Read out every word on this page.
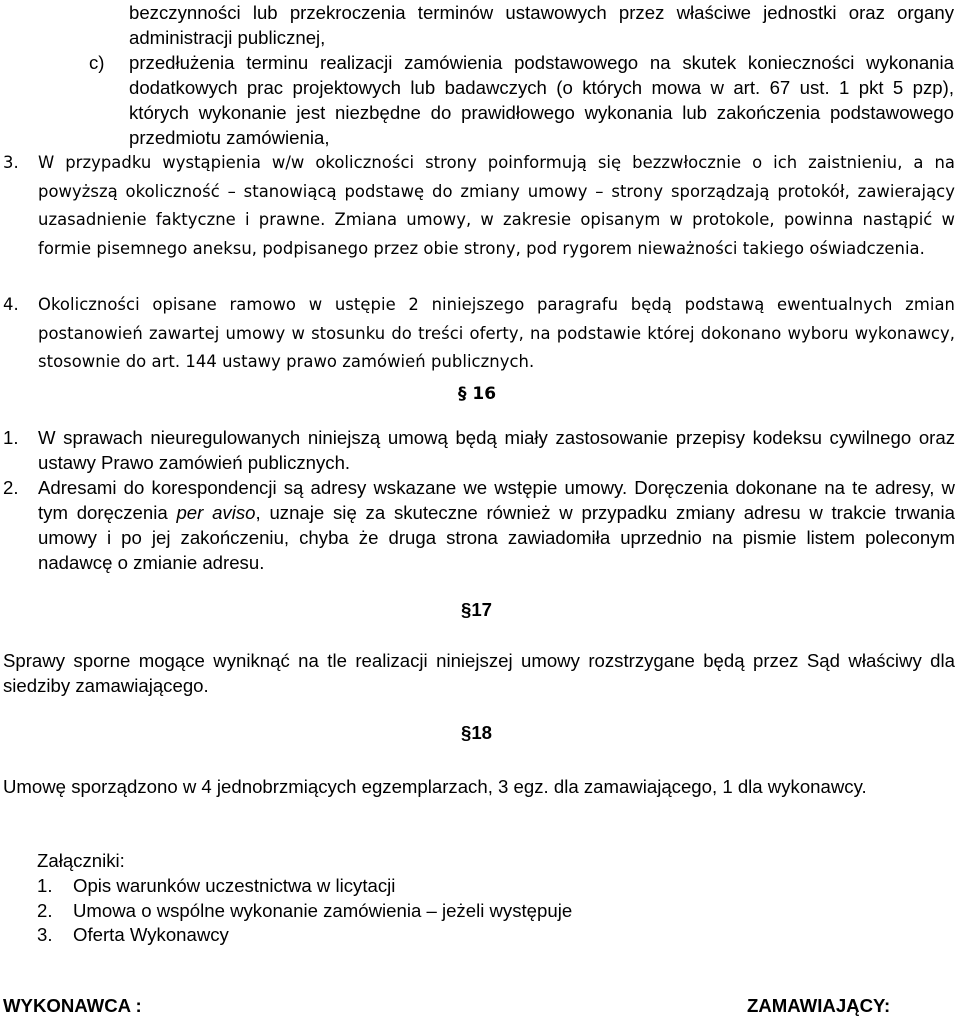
bezczynności lub przekroczenia terminów ustawowych przez właściwe jednostki oraz organy administracji publicznej,
c)	przedłużenia terminu realizacji zamówienia podstawowego na skutek konieczności wykonania dodatkowych prac projektowych lub badawczych (o których mowa w art. 67 ust. 1 pkt 5 pzp), których wykonanie jest niezbędne do prawidłowego wykonania lub zakończenia podstawowego przedmiotu zamówienia,
3.	W przypadku wystąpienia w/w okoliczności strony poinformują się bezzwłocznie o ich zaistnieniu, a na powyższą okoliczność – stanowiącą podstawę do zmiany umowy – strony sporządzają protokół, zawierający uzasadnienie faktyczne i prawne. Zmiana umowy, w zakresie opisanym w protokole, powinna nastąpić w formie pisemnego aneksu, podpisanego przez obie strony, pod rygorem nieważności takiego oświadczenia.
4.	Okoliczności opisane ramowo w ustępie 2 niniejszego paragrafu będą podstawą ewentualnych zmian postanowień zawartej umowy w stosunku do treści oferty, na podstawie której dokonano wyboru wykonawcy, stosownie do art. 144 ustawy prawo zamówień publicznych.
§ 16
1.	W sprawach nieuregulowanych niniejszą umową będą miały zastosowanie przepisy kodeksu cywilnego oraz ustawy Prawo zamówień publicznych.
2.	Adresami do korespondencji są adresy wskazane we wstępie umowy. Doręczenia dokonane na te adresy, w tym doręczenia per aviso, uznaje się za skuteczne również w przypadku zmiany adresu w trakcie trwania umowy i po jej zakończeniu, chyba że druga strona zawiadomiła uprzednio na pismie listem poleconym nadawcę o zmianie adresu.
§17
Sprawy sporne mogące wyniknąć na tle realizacji niniejszej umowy rozstrzygane będą przez Sąd właściwy dla siedziby zamawiającego.
§18
Umowę sporządzono w 4 jednobrzmiących egzemplarzach, 3 egz. dla zamawiającego, 1 dla wykonawcy.
Załączniki:
1.	Opis warunków uczestnictwa w licytacji
2.	Umowa o wspólne wykonanie zamówienia – jeżeli występuje
3.	Oferta Wykonawcy
WYKONAWCA :	ZAMAWIAJĄCY:
